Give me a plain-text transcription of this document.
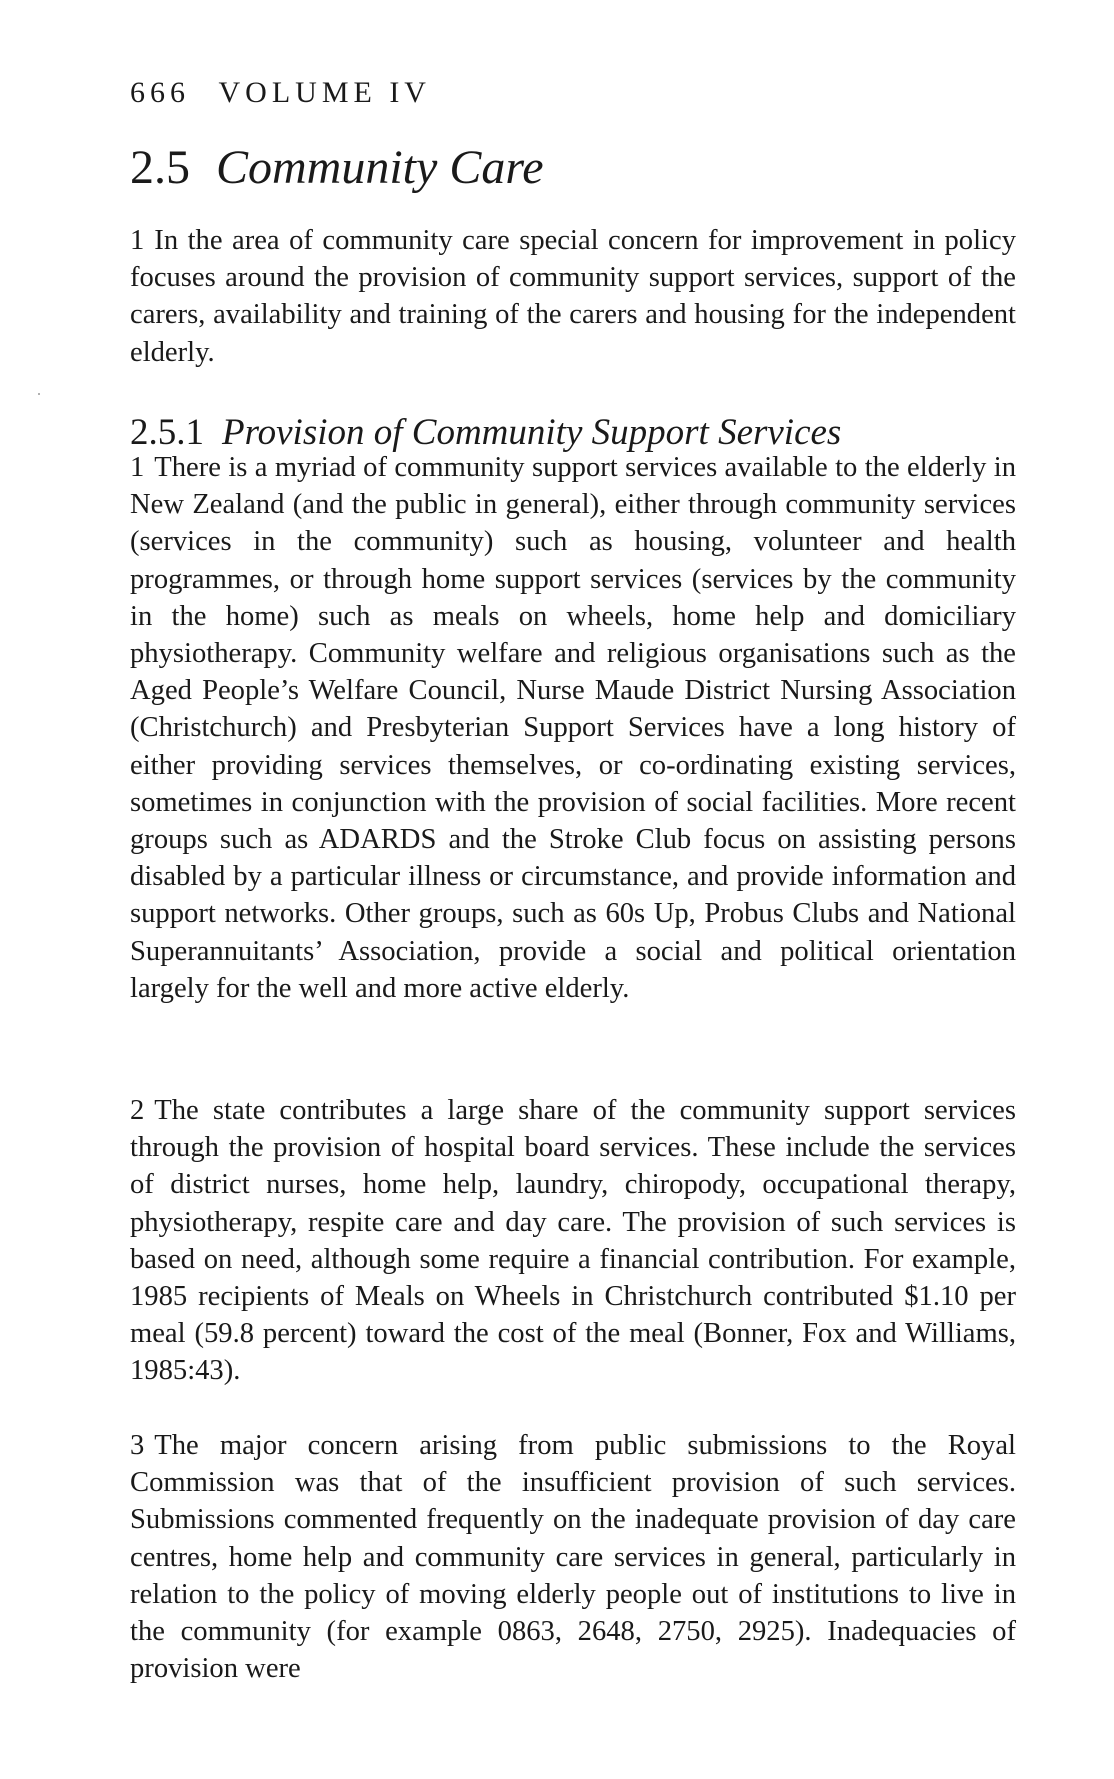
666 VOLUME IV
2.5 Community Care

1 In the area of community care special concern for improvement in policy focuses around the provision of community support services, support of the carers, availability and training of the carers and housing for the independent elderly.

2.5.1 Provision of Community Support Services

1 There is a myriad of community support services available to the elderly in New Zealand (and the public in general), either through community services (services in the community) such as housing, volunteer and health programmes, or through home support services (services by the community in the home) such as meals on wheels, home help and domiciliary physiotherapy. Community welfare and religious organisations such as the Aged People’s Welfare Council, Nurse Maude District Nursing Association (Christchurch) and Presbyterian Support Services have a long history of either providing services themselves, or co-ordinating existing services, sometimes in conjunction with the provision of social facilities. More recent groups such as ADARDS and the Stroke Club focus on assisting persons disabled by a particular illness or circumstance, and provide information and support networks. Other groups, such as 60s Up, Probus Clubs and National Superannuitants’ Association, provide a social and political orientation largely for the well and more active elderly.

2 The state contributes a large share of the community support services through the provision of hospital board services. These include the services of district nurses, home help, laundry, chiropody, occupational therapy, physiotherapy, respite care and day care. The provision of such services is based on need, although some require a financial contribution. For example, 1985 recipients of Meals on Wheels in Christchurch contributed $1.10 per meal (59.8 percent) toward the cost of the meal (Bonner, Fox and Williams, 1985:43).

3 The major concern arising from public submissions to the Royal Commission was that of the insufficient provision of such services. Submissions commented frequently on the inadequate provision of day care centres, home help and community care services in general, particularly in relation to the policy of moving elderly people out of institutions to live in the community (for example 0863, 2648, 2750, 2925). Inadequacies of provision were
